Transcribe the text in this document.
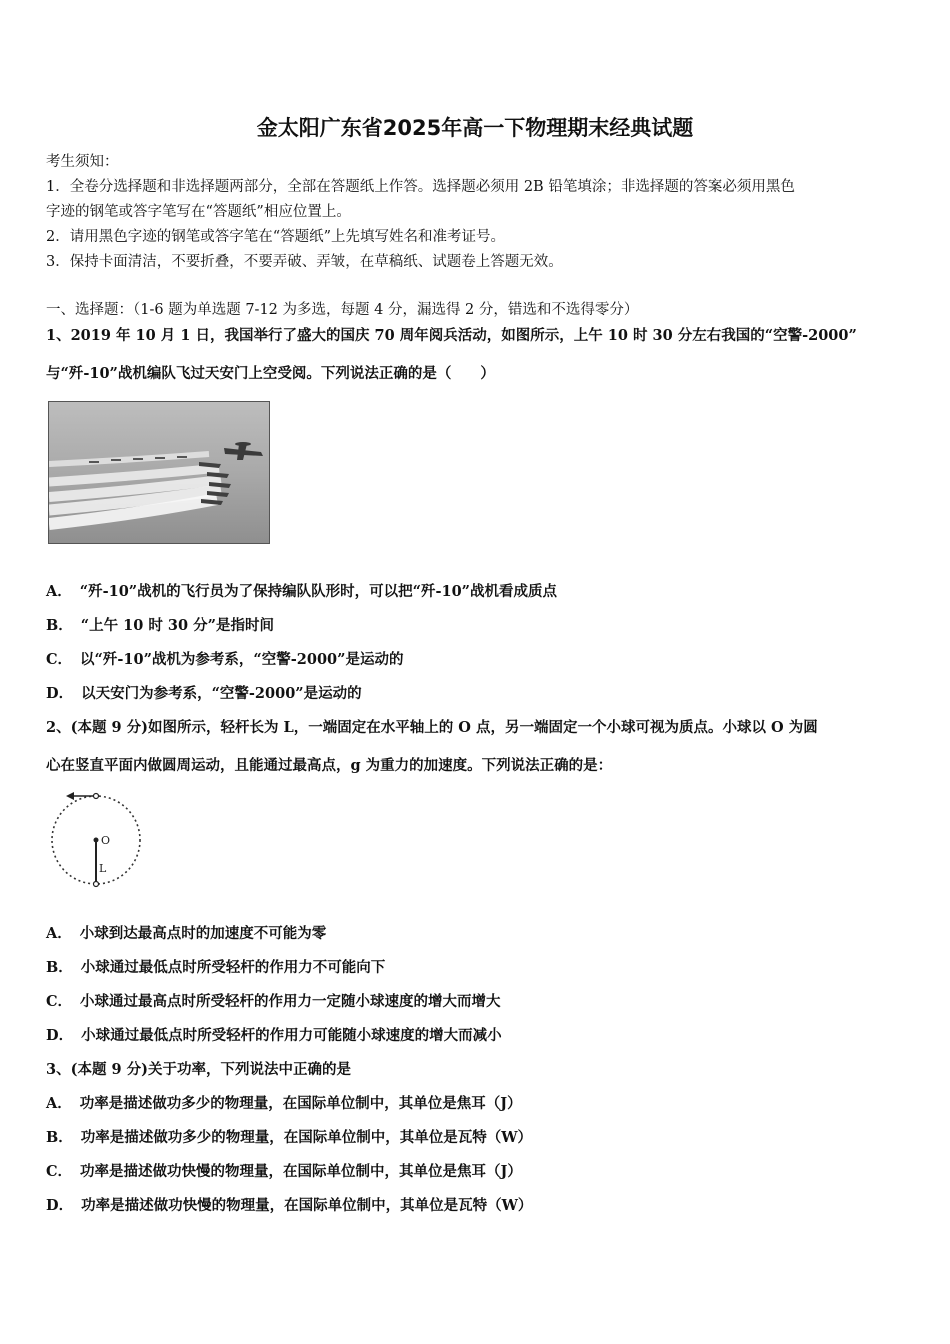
金太阳广东省2025年高一下物理期末经典试题
考生须知：
1．全卷分选择题和非选择题两部分，全部在答题纸上作答。选择题必须用 2B 铅笔填涂；非选择题的答案必须用黑色
字迹的钢笔或答字笔写在“答题纸”相应位置上。
2．请用黑色字迹的钢笔或答字笔在“答题纸”上先填写姓名和准考证号。
3．保持卡面清洁，不要折叠，不要弄破、弄皱，在草稿纸、试题卷上答题无效。
一、选择题：（1-6 题为单选题 7-12 为多选，每题 4 分，漏选得 2 分，错选和不选得零分）
1、2019 年 10 月 1 日，我国举行了盛大的国庆 70 周年阅兵活动，如图所示，上午 10 时 30 分左右我国的“空警-2000”
与“歼-10”战机编队飞过天安门上空受阅。下列说法正确的是（　　）
A． “歼-10”战机的飞行员为了保持编队队形时，可以把“歼-10”战机看成质点
B． “上午 10 时 30 分”是指时间
C． 以“歼-10”战机为参考系，“空警-2000”是运动的
D． 以天安门为参考系，“空警-2000”是运动的
2、(本题 9 分)如图所示，轻杆长为 L，一端固定在水平轴上的 O 点，另一端固定一个小球可视为质点。小球以 O 为圆
心在竖直平面内做圆周运动，且能通过最高点，g 为重力的加速度。下列说法正确的是：
O
L
A． 小球到达最高点时的加速度不可能为零
B． 小球通过最低点时所受轻杆的作用力不可能向下
C． 小球通过最高点时所受轻杆的作用力一定随小球速度的增大而增大
D． 小球通过最低点时所受轻杆的作用力可能随小球速度的增大而减小
3、(本题 9 分)关于功率，下列说法中正确的是
A． 功率是描述做功多少的物理量，在国际单位制中，其单位是焦耳（J）
B． 功率是描述做功多少的物理量，在国际单位制中，其单位是瓦特（W）
C． 功率是描述做功快慢的物理量，在国际单位制中，其单位是焦耳（J）
D． 功率是描述做功快慢的物理量，在国际单位制中，其单位是瓦特（W）
